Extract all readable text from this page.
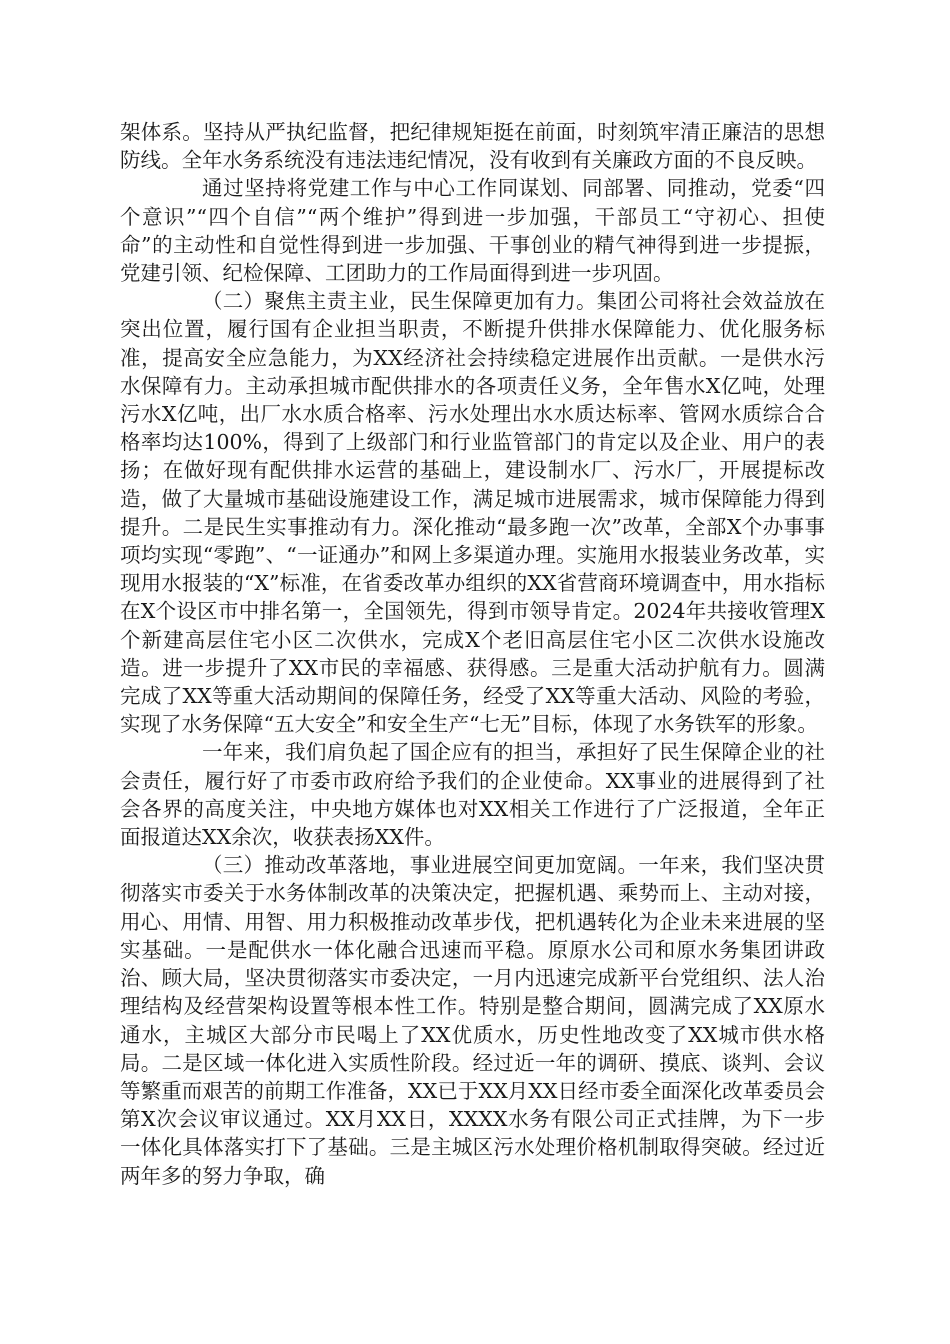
架体系。坚持从严执纪监督，把纪律规矩挺在前面，时刻筑牢清正廉洁的思想防线。全年水务系统没有违法违纪情况，没有收到有关廉政方面的不良反映。

通过坚持将党建工作与中心工作同谋划、同部署、同推动，党委“四个意识”“四个自信”“两个维护”得到进一步加强，干部员工“守初心、担使命”的主动性和自觉性得到进一步加强、干事创业的精气神得到进一步提振，党建引领、纪检保障、工团助力的工作局面得到进一步巩固。

（二）聚焦主责主业，民生保障更加有力。集团公司将社会效益放在突出位置，履行国有企业担当职责，不断提升供排水保障能力、优化服务标准，提高安全应急能力，为XX经济社会持续稳定进展作出贡献。一是供水污水保障有力。主动承担城市配供排水的各项责任义务，全年售水X亿吨，处理污水X亿吨，出厂水水质合格率、污水处理出水水质达标率、管网水质综合合格率均达100%，得到了上级部门和行业监管部门的肯定以及企业、用户的表扬；在做好现有配供排水运营的基础上，建设制水厂、污水厂，开展提标改造，做了大量城市基础设施建设工作，满足城市进展需求，城市保障能力得到提升。二是民生实事推动有力。深化推动“最多跑一次”改革，全部X个办事事项均实现“零跑”、“一证通办”和网上多渠道办理。实施用水报装业务改革，实现用水报装的“X”标准，在省委改革办组织的XX省营商环境调查中，用水指标在X个设区市中排名第一，全国领先，得到市领导肯定。2024年共接收管理X个新建高层住宅小区二次供水，完成X个老旧高层住宅小区二次供水设施改造。进一步提升了XX市民的幸福感、获得感。三是重大活动护航有力。圆满完成了XX等重大活动期间的保障任务，经受了XX等重大活动、风险的考验，实现了水务保障“五大安全”和安全生产“七无”目标，体现了水务铁军的形象。

一年来，我们肩负起了国企应有的担当，承担好了民生保障企业的社会责任，履行好了市委市政府给予我们的企业使命。XX事业的进展得到了社会各界的高度关注，中央地方媒体也对XX相关工作进行了广泛报道，全年正面报道达XX余次，收获表扬XX件。

（三）推动改革落地，事业进展空间更加宽阔。一年来，我们坚决贯彻落实市委关于水务体制改革的决策决定，把握机遇、乘势而上、主动对接，用心、用情、用智、用力积极推动改革步伐，把机遇转化为企业未来进展的坚实基础。一是配供水一体化融合迅速而平稳。原原水公司和原水务集团讲政治、顾大局，坚决贯彻落实市委决定，一月内迅速完成新平台党组织、法人治理结构及经营架构设置等根本性工作。特别是整合期间，圆满完成了XX原水通水，主城区大部分市民喝上了XX优质水，历史性地改变了XX城市供水格局。二是区域一体化进入实质性阶段。经过近一年的调研、摸底、谈判、会议等繁重而艰苦的前期工作准备，XX已于XX月XX日经市委全面深化改革委员会第X次会议审议通过。XX月XX日，XXXX水务有限公司正式挂牌，为下一步一体化具体落实打下了基础。三是主城区污水处理价格机制取得突破。经过近两年多的努力争取，确
